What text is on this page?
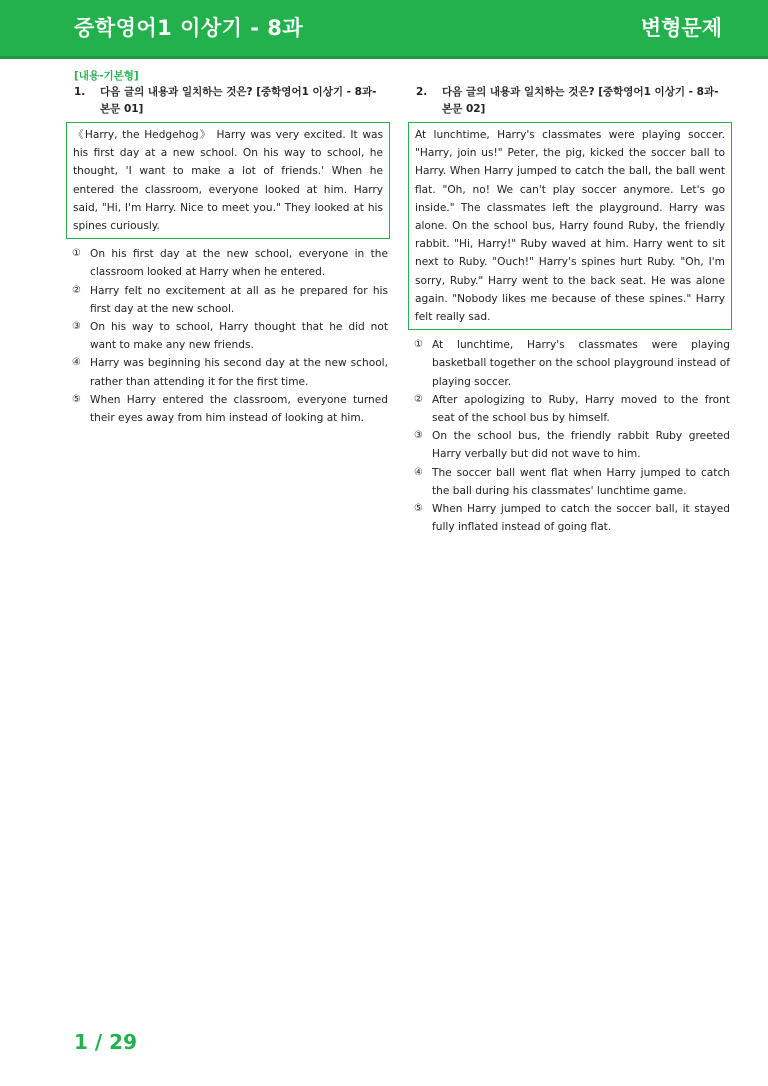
중학영어1 이상기 - 8과	변형문제
[내용-기본형]
1. 다음 글의 내용과 일치하는 것은? [중학영어1 이상기 - 8과-본문 01]
《Harry, the Hedgehog》 Harry was very excited. It was his first day at a new school. On his way to school, he thought, 'I want to make a lot of friends.' When he entered the classroom, everyone looked at him. Harry said, "Hi, I'm Harry. Nice to meet you." They looked at his spines curiously.
① On his first day at the new school, everyone in the classroom looked at Harry when he entered.
② Harry felt no excitement at all as he prepared for his first day at the new school.
③ On his way to school, Harry thought that he did not want to make any new friends.
④ Harry was beginning his second day at the new school, rather than attending it for the first time.
⑤ When Harry entered the classroom, everyone turned their eyes away from him instead of looking at him.
2. 다음 글의 내용과 일치하는 것은? [중학영어1 이상기 - 8과-본문 02]
At lunchtime, Harry's classmates were playing soccer. "Harry, join us!" Peter, the pig, kicked the soccer ball to Harry. When Harry jumped to catch the ball, the ball went flat. "Oh, no! We can't play soccer anymore. Let's go inside." The classmates left the playground. Harry was alone. On the school bus, Harry found Ruby, the friendly rabbit. "Hi, Harry!" Ruby waved at him. Harry went to sit next to Ruby. "Ouch!" Harry's spines hurt Ruby. "Oh, I'm sorry, Ruby." Harry went to the back seat. He was alone again. "Nobody likes me because of these spines." Harry felt really sad.
① At lunchtime, Harry's classmates were playing basketball together on the school playground instead of playing soccer.
② After apologizing to Ruby, Harry moved to the front seat of the school bus by himself.
③ On the school bus, the friendly rabbit Ruby greeted Harry verbally but did not wave to him.
④ The soccer ball went flat when Harry jumped to catch the ball during his classmates' lunchtime game.
⑤ When Harry jumped to catch the soccer ball, it stayed fully inflated instead of going flat.
1 / 29
